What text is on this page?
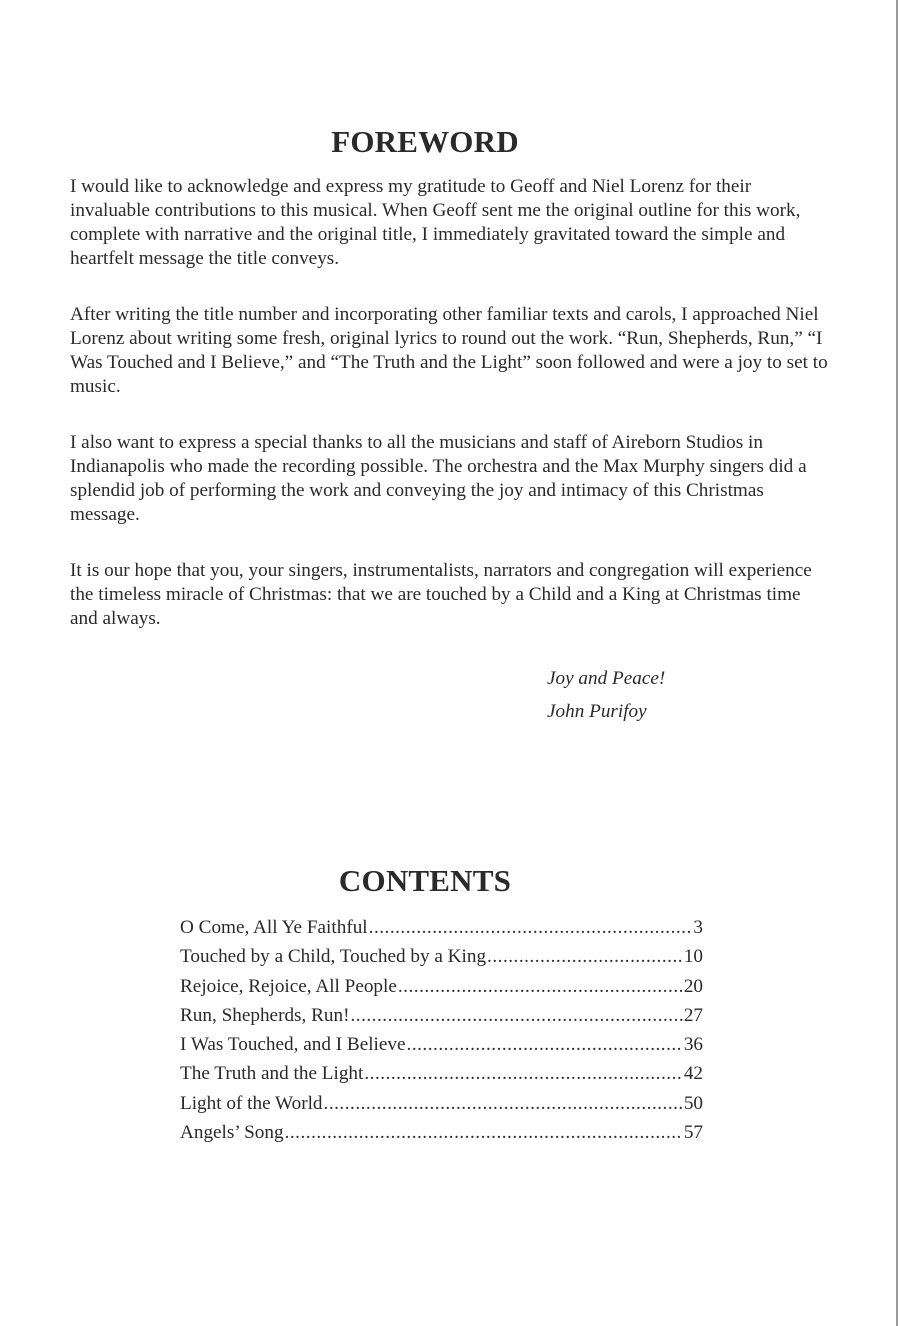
FOREWORD

I would like to acknowledge and express my gratitude to Geoff and Niel Lorenz for their invaluable contributions to this musical. When Geoff sent me the original outline for this work, complete with narrative and the original title, I immediately gravitated toward the simple and heartfelt message the title conveys.

After writing the title number and incorporating other familiar texts and carols, I approached Niel Lorenz about writing some fresh, original lyrics to round out the work. “Run, Shepherds, Run,” “I Was Touched and I Believe,” and “The Truth and the Light” soon followed and were a joy to set to music.

I also want to express a special thanks to all the musicians and staff of Aireborn Studios in Indianapolis who made the recording possible. The orchestra and the Max Murphy singers did a splendid job of performing the work and conveying the joy and intimacy of this Christmas message.

It is our hope that you, your singers, instrumentalists, narrators and congregation will experience the timeless miracle of Christmas: that we are touched by a Child and a King at Christmas time and always.

Joy and Peace!
John Purifoy
CONTENTS
O Come, All Ye Faithful .....	3
Touched by a Child, Touched by a King .....	10
Rejoice, Rejoice, All People .....	20
Run, Shepherds, Run! .....	27
I Was Touched, and I Believe .....	36
The Truth and the Light .....	42
Light of the World .....	50
Angels’ Song .....	57
